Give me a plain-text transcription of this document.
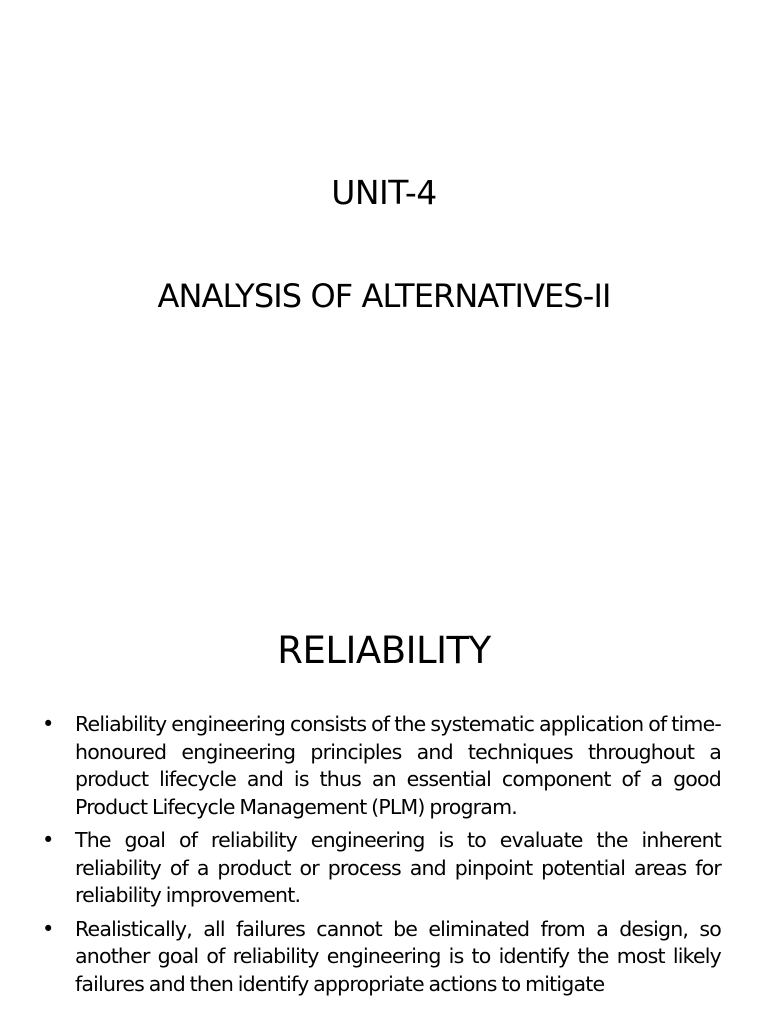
UNIT-4
ANALYSIS OF ALTERNATIVES-II
RELIABILITY
• Reliability engineering consists of the systematic application of time-honoured engineering principles and techniques throughout a product lifecycle and is thus an essential component of a good Product Lifecycle Management (PLM) program.
• The goal of reliability engineering is to evaluate the inherent reliability of a product or process and pinpoint potential areas for reliability improvement.
• Realistically, all failures cannot be eliminated from a design, so another goal of reliability engineering is to identify the most likely failures and then identify appropriate actions to mitigate
